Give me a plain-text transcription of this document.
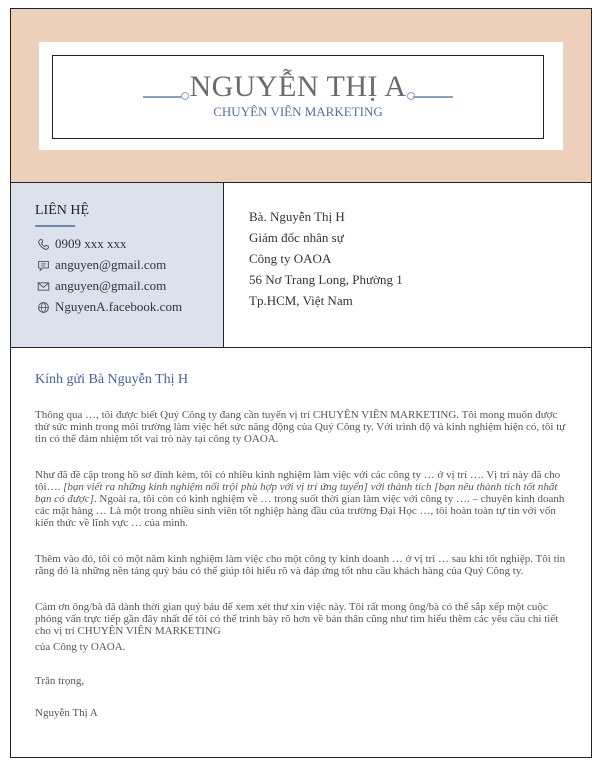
NGUYỄN THỊ A
CHUYÊN VIÊN MARKETING
LIÊN HỆ
0909 xxx xxx
anguyen@gmail.com
anguyen@gmail.com
NguyenA.facebook.com
Bà. Nguyễn Thị H
Giám đốc nhân sự
Công ty OAOA
56 Nơ Trang Long, Phường 1
Tp.HCM, Việt Nam
Kính gửi Bà Nguyễn Thị H
Thông qua …, tôi được biết Quý Công ty đang cần tuyển vị trí CHUYÊN VIÊN MARKETING. Tôi mong muốn được thử sức mình trong môi trường làm việc hết sức năng động của Quý Công ty. Với trình độ và kinh nghiệm hiện có, tôi tự tin có thể đảm nhiệm tốt vai trò này tại công ty OAOA.
Như đã đề cập trong hồ sơ đính kèm, tôi có nhiều kinh nghiệm làm việc với các công ty … ở vị trí …. Vị trí này đã cho tôi…. [bạn viết ra những kinh nghiệm nổi trội phù hợp với vị trí ứng tuyển] với thành tích [bạn nêu thành tích tốt nhất bạn có được]. Ngoài ra, tôi còn có kinh nghiệm về … trong suốt thời gian làm việc với công ty …. – chuyên kinh doanh các mặt hàng … Là một trong nhiều sinh viên tốt nghiệp hàng đầu của trường Đại Học …, tôi hoàn toàn tự tin với vốn kiến thức về lĩnh vực … của mình.
Thêm vào đó, tôi có một năm kinh nghiệm làm việc cho một công ty kinh doanh … ở vị trí … sau khi tốt nghiệp. Tôi tin rằng đó là những nền tảng quý báu có thể giúp tôi hiểu rõ và đáp ứng tốt nhu cầu khách hàng của Quý Công ty.
Cám ơn ông/bà đã dành thời gian quý báu để xem xét thư xin việc này. Tôi rất mong ông/bà có thể sắp xếp một cuộc phỏng vấn trực tiếp gần đây nhất để tôi có thể trình bày rõ hơn về bản thân cũng như tìm hiểu thêm các yêu cầu chi tiết cho vị trí CHUYÊN VIÊN MARKETING
của Công ty OAOA.
Trân trọng,
Nguyễn Thị A
